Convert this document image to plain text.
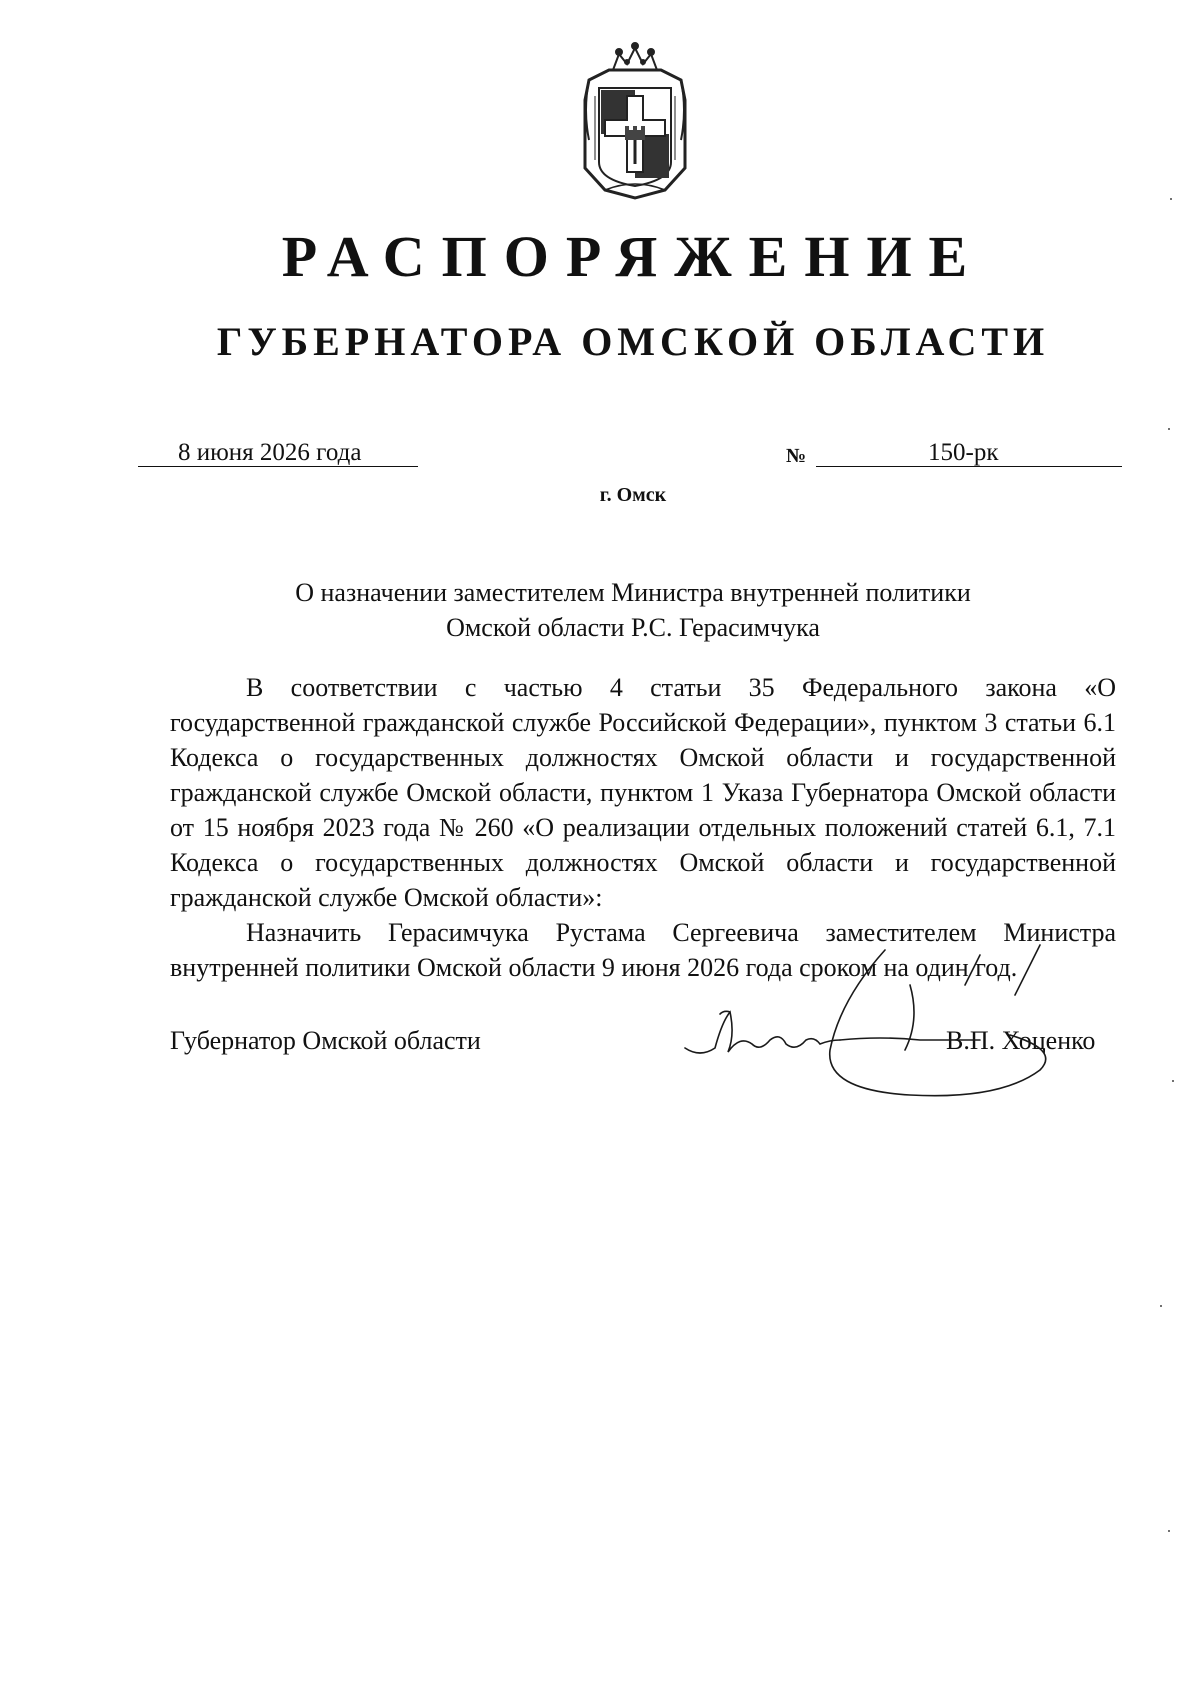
РАСПОРЯЖЕНИЕ
ГУБЕРНАТОРА ОМСКОЙ ОБЛАСТИ
8 июня 2026 года	№	150-рк
г. Омск
О назначении заместителем Министра внутренней политики
Омской области Р.С. Герасимчука

В соответствии с частью 4 статьи 35 Федерального закона «О государственной гражданской службе Российской Федерации», пунктом 3 статьи 6.1 Кодекса о государственных должностях Омской области и государственной гражданской службе Омской области, пунктом 1 Указа Губернатора Омской области от 15 ноября 2023 года № 260 «О реализации отдельных положений статей 6.1, 7.1 Кодекса о государственных должностях Омской области и государственной гражданской службе Омской области»:

Назначить Герасимчука Рустама Сергеевича заместителем Министра внутренней политики Омской области 9 июня 2026 года сроком на один год.

Губернатор Омской области	В.П. Хоценко
